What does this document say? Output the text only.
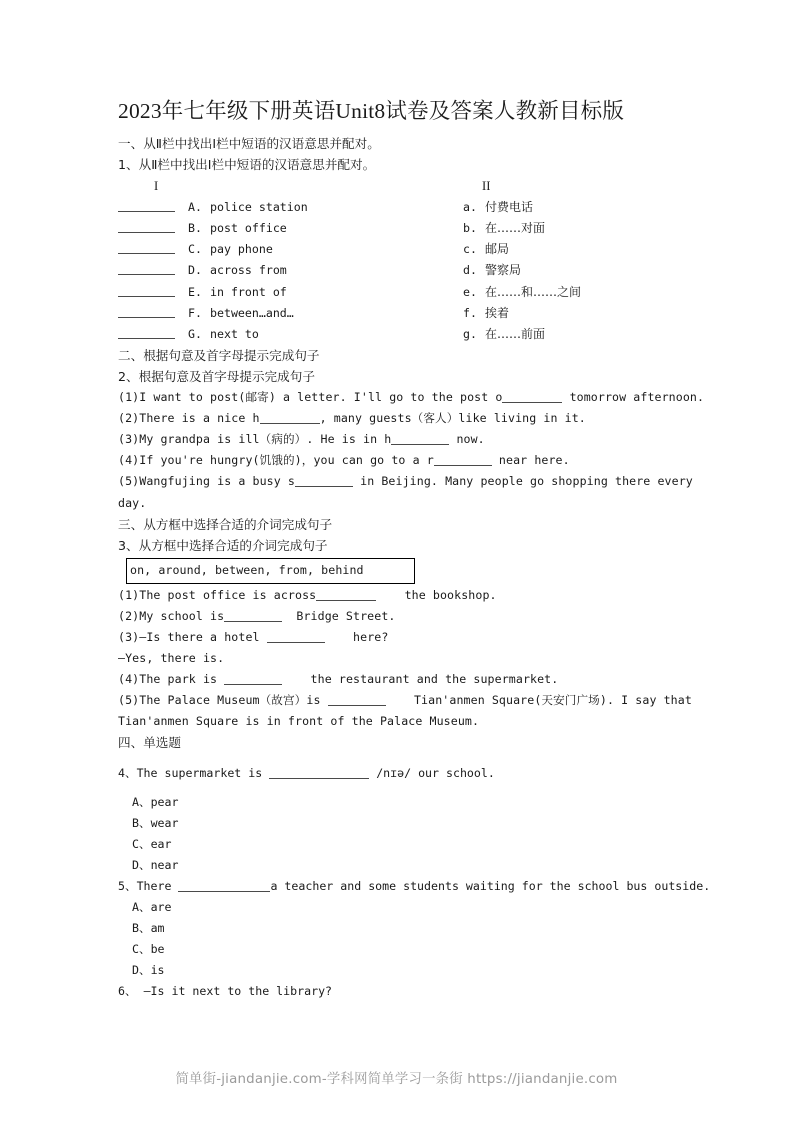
2023年七年级下册英语Unit8试卷及答案人教新目标版
一、从Ⅱ栏中找出Ⅰ栏中短语的汉语意思并配对。
1、从Ⅱ栏中找出Ⅰ栏中短语的汉语意思并配对。
I	II
A. police station	a. 付费电话
B. post office	b. 在……对面
C. pay phone	c. 邮局
D. across from	d. 警察局
E. in front of	e. 在……和……之间
F. between…and…	f. 挨着
G. next to	g. 在……前面
二、根据句意及首字母提示完成句子
2、根据句意及首字母提示完成句子
(1)I want to post(邮寄) a letter. I'll go to the post o	tomorrow afternoon.
(2)There is a nice h	, many guests（客人）like living in it.
(3)My grandpa is ill（病的）. He is in h	now.
(4)If you're hungry(饥饿的)，you can go to a r	near here.
(5)Wangfujing is a busy s	in Beijing. Many people go shopping there every
day.
三、从方框中选择合适的介词完成句子
3、从方框中选择合适的介词完成句子
on, around, between, from, behind
(1)The post office is across	the bookshop.
(2)My school is	Bridge Street.
(3)—Is there a hotel	here?
—Yes, there is.
(4)The park is	the restaurant and the supermarket.
(5)The Palace Museum（故宫）is	Tian'anmen Square(天安门广场). I say that
Tian'anmen Square is in front of the Palace Museum.
四、单选题
4、The supermarket is	/nɪə/ our school.
A、pear
B、wear
C、ear
D、near
5、There	a teacher and some students waiting for the school bus outside.
A、are
B、am
C、be
D、is
6、 —Is it next to the library?
简单街-jiandanjie.com-学科网简单学习一条街 https://jiandanjie.com
